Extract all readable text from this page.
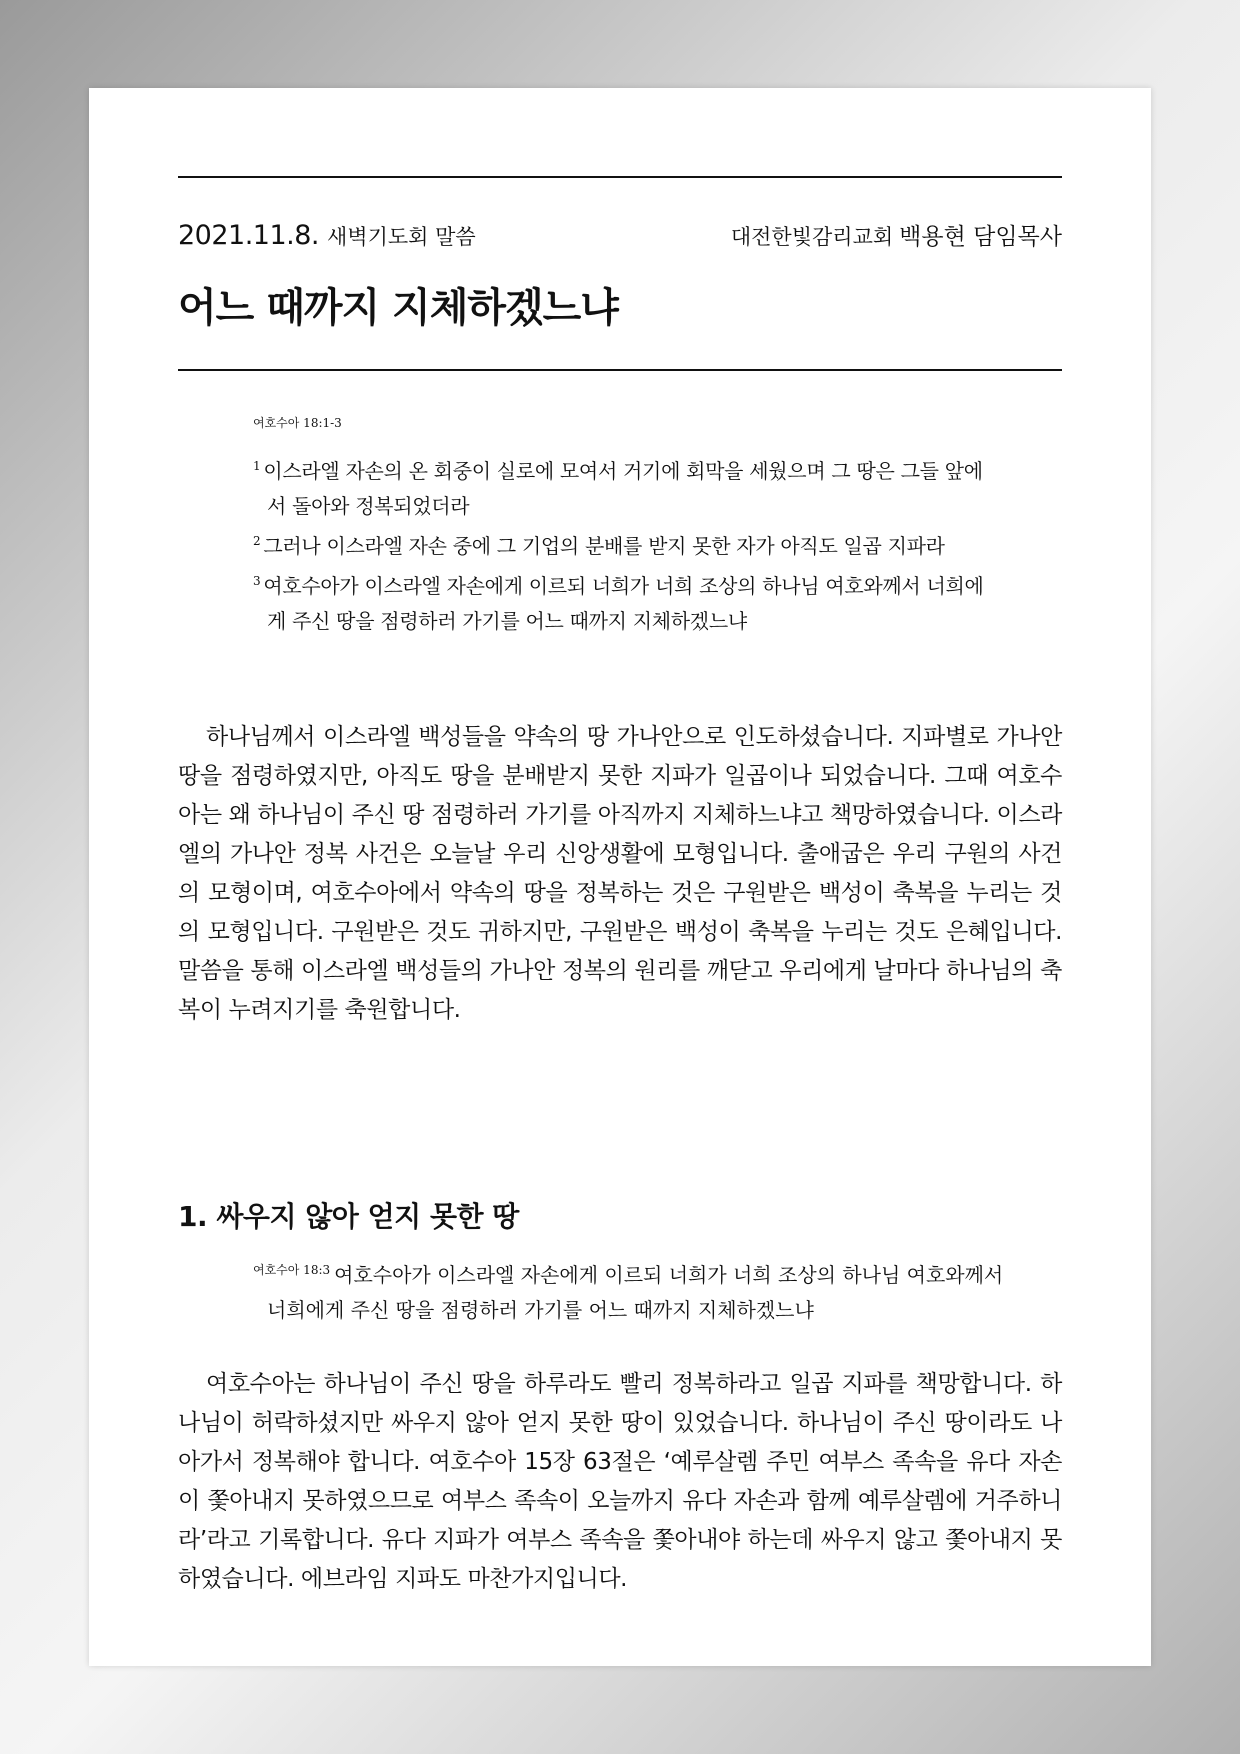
2021.11.8. 새벽기도회 말씀	대전한빛감리교회 백용현 담임목사
어느 때까지 지체하겠느냐
여호수아 18:1-3
$^1$ 이스라엘 자손의 온 회중이 실로에 모여서 거기에 회막을 세웠으며 그 땅은 그들 앞에서 돌아와 정복되었더라
$^2$ 그러나 이스라엘 자손 중에 그 기업의 분배를 받지 못한 자가 아직도 일곱 지파라
$^3$ 여호수아가 이스라엘 자손에게 이르되 너희가 너희 조상의 하나님 여호와께서 너희에게 주신 땅을 점령하러 가기를 어느 때까지 지체하겠느냐

하나님께서 이스라엘 백성들을 약속의 땅 가나안으로 인도하셨습니다. 지파별로 가나안 땅을 점령하였지만, 아직도 땅을 분배받지 못한 지파가 일곱이나 되었습니다. 그때 여호수아는 왜 하나님이 주신 땅 점령하러 가기를 아직까지 지체하느냐고 책망하였습니다. 이스라엘의 가나안 정복 사건은 오늘날 우리 신앙생활에 모형입니다. 출애굽은 우리 구원의 사건의 모형이며, 여호수아에서 약속의 땅을 정복하는 것은 구원받은 백성이 축복을 누리는 것의 모형입니다. 구원받은 것도 귀하지만, 구원받은 백성이 축복을 누리는 것도 은혜입니다. 말씀을 통해 이스라엘 백성들의 가나안 정복의 원리를 깨닫고 우리에게 날마다 하나님의 축복이 누려지기를 축원합니다.

1. 싸우지 않아 얻지 못한 땅
$^{여호수아 18:3}$ 여호수아가 이스라엘 자손에게 이르되 너희가 너희 조상의 하나님 여호와께서 너희에게 주신 땅을 점령하러 가기를 어느 때까지 지체하겠느냐

여호수아는 하나님이 주신 땅을 하루라도 빨리 정복하라고 일곱 지파를 책망합니다. 하나님이 허락하셨지만 싸우지 않아 얻지 못한 땅이 있었습니다. 하나님이 주신 땅이라도 나아가서 정복해야 합니다. 여호수아 15장 63절은 ‘예루살렘 주민 여부스 족속을 유다 자손이 쫓아내지 못하였으므로 여부스 족속이 오늘까지 유다 자손과 함께 예루살렘에 거주하니라’라고 기록합니다. 유다 지파가 여부스 족속을 쫓아내야 하는데 싸우지 않고 쫓아내지 못하였습니다. 에브라임 지파도 마찬가지입니다.
